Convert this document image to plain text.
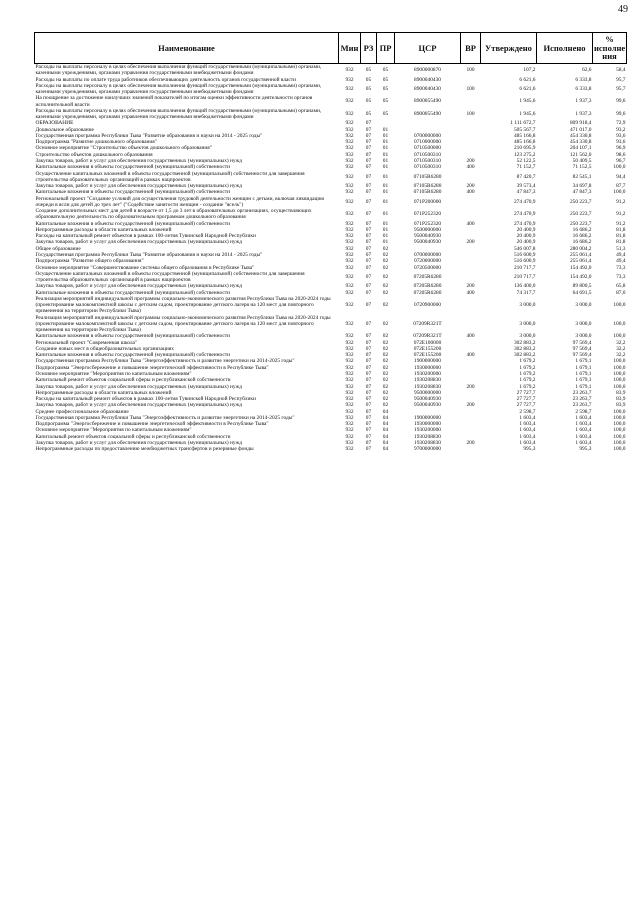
49
Наименование	Мин	РЗ	ПР	ЦСР	ВР	Утверждено	Исполнено	% исполне ния
Расходы на выплаты персоналу в целях обеспечения выполнения функций государственными (муниципальными) органами, казенными учреждениями, органами управления государственными внебюджетными фондами	932	05	05	8900000870	100	107,2	62,6	58,4
Расходы на выплаты по оплате труда работников обеспечивающих деятельность органов государственной власти	932	05	05	8900040430		6 621,6	6 333,8	95,7
Расходы на выплаты персоналу в целях обеспечения выполнения функций государственными (муниципальными) органами, казенными учреждениями, органами управления государственными внебюджетными фондами	932	05	05	8900040430	100	6 621,6	6 333,8	95,7
На поощрение за достижение наилучших значений показателей по итогам оценки эффективности деятельности органов исполнительной власти	932	05	05	8900055490		1 945,6	1 937,3	99,6
Расходы на выплаты персоналу в целях обеспечения выполнения функций государственными (муниципальными) органами, казенными учреждениями, органами управления государственными внебюджетными фондами	932	05	05	8900055490	100	1 945,6	1 937,3	99,6
ОБРАЗОВАНИЕ	932	07				1 111 672,7	809 918,4	72,9
Дошкольное образование	932	07	01			505 567,7	471 017,0	93,2
Государственная программа Республики Тыва "Развитие образования и науки на 2014 - 2025 годы"	932	07	01	0700000000		485 166,8	454 330,8	93,6
Подпрограмма "Развитие дошкольного образования"	932	07	01	0710000000		485 166,8	454 330,8	93,6
Основное мероприятие "Строительство объектов дошкольного образования"	932	07	01	0710500000		210 695,9	204 107,1	96,9
Строительство объектов дошкольного образования	932	07	01	0710500310		123 275,2	121 562,0	98,6
Закупка товаров, работ и услуг для обеспечения государственных (муниципальных) нужд	932	07	01	0710500310	200	52 122,5	50 409,5	96,7
Капитальные вложения в объекты государственной (муниципальной) собственности	932	07	01	0710500310	400	71 152,7	71 152,5	100,0
Осуществление капитальных вложений в объекты государственной (муниципальной) собственности для завершения строительства образовательных организаций в рамках нацпроектов	932	07	01	07105R6280		87 420,7	82 545,1	94,4
Закупка товаров, работ и услуг для обеспечения государственных (муниципальных) нужд	932	07	01	07105R6280	200	39 573,4	34 697,8	87,7
Капитальные вложения в объекты государственной (муниципальной) собственности	932	07	01	07105R6280	400	47 847,3	47 847,3	100,0
Региональный проект "Создание условий для осуществления трудовой деятельности женщин с детьми, включая ликвидацию очереди в ясли для детей до трех лет" ("Содействие занятости женщин - создание "ясель")	932	07	01	071P200000		274 470,9	250 223,7	91,2
Создание дополнительных мест для детей в возрасте от 1,5 до 3 лет в образовательных организациях, осуществляющих образовательную деятельность по образовательным программам дошкольного образования	932	07	01	071P252320		274 470,9	250 223,7	91,2
Капитальные вложения в объекты государственной (муниципальной) собственности	932	07	01	071P252320	400	274 470,9	250 223,7	91,2
Непрограммные расходы в области капитальных вложений	932	07	01	9500000000		20 400,9	16 686,2	81,8
Расходы на капитальный ремонт объектов в рамках 100-летия Тувинской Народной Республики	932	07	01	9500040930		20 400,9	16 686,2	81,8
Закупка товаров, работ и услуг для обеспечения государственных (муниципальных) нужд	932	07	01	9500040930	200	20 400,9	16 686,2	81,8
Общее образование	932	07	02			546 007,8	280 004,2	51,3
Государственная программа Республики Тыва "Развитие образования и науки на 2014 - 2025 годы"	932	07	02	0700000000		516 600,9	255 061,4	49,4
Подпрограмма "Развитие общего образования"	932	07	02	0720000000		516 600,9	255 061,4	49,4
Основное мероприятие "Совершенствование системы общего образования в Республике Тыва"	932	07	02	0720500000		210 717,7	154 492,0	73,3
Осуществление капитальных вложений в объекты государственной (муниципальной) собственности для завершения строительства образовательных организаций в рамках нацпроектов	932	07	02	07205R6280		210 717,7	154 492,0	73,3
Закупка товаров, работ и услуг для обеспечения государственных (муниципальных) нужд	932	07	02	07205R6280	200	136 400,0	89 800,5	65,8
Капитальные вложения в объекты государственной (муниципальной) собственности	932	07	02	07205R6280	400	74 317,7	64 691,5	87,0
Реализация мероприятий индивидуальной программы социально-экономического развития Республики Тыва на 2020-2024 годы (проектирование малокомплектной школы с детским садом, проектирование детского лагеря на 120 мест для повторного применения на территории Республики Тыва)	932	07	02	0720900000		3 000,0	3 000,0	100,0
Реализация мероприятий индивидуальной программы социально-экономического развития Республики Тыва на 2020-2024 годы (проектирование малокомплектной школы с детским садом, проектирование детского лагеря на 120 мест для повторного применения на территории Республики Тыва)	932	07	02	07209R321T		3 000,0	3 000,0	100,0
Капитальные вложения в объекты государственной (муниципальной) собственности	932	07	02	07209R321T	400	3 000,0	3 000,0	100,0
Региональный проект "Современная школа"	932	07	02	072E100000		302 883,2	97 569,4	32,2
Создание новых мест в общеобразовательных организациях	932	07	02	072E155200		302 883,2	97 569,4	32,2
Капитальные вложения в объекты государственной (муниципальной) собственности	932	07	02	072E155200	400	302 883,2	97 569,4	32,2
Государственная программа Республики Тыва "Энергоэффективность и развитие энергетики на 2014-2025 годы"	932	07	02	1900000000		1 679,2	1 679,1	100,0
Подпрограмма "Энергосбережение и повышение энергетической эффективности в Республике Тыва"	932	07	02	1930000000		1 679,2	1 679,1	100,0
Основное мероприятие "Мероприятия по капитальным вложениям"	932	07	02	1930200000		1 679,2	1 679,1	100,0
Капитальный ремонт объектов социальной сферы и республиканской собственности	932	07	02	1930208830		1 679,2	1 679,1	100,0
Закупка товаров, работ и услуг для обеспечения государственных (муниципальных) нужд	932	07	02	1930208830	200	1 679,2	1 679,1	100,0
Непрограммные расходы в области капитальных вложений	932	07	02	9500000000		27 727,7	23 263,7	83,9
Расходы на капитальный ремонт объектов в рамках 100-летия Тувинской Народной Республики	932	07	02	9500040930		27 727,7	23 263,7	83,9
Закупка товаров, работ и услуг для обеспечения государственных (муниципальных) нужд	932	07	02	9500040930	200	27 727,7	23 263,7	83,9
Среднее профессиональное образование	932	07	04			2 598,7	2 598,7	100,0
Государственная программа Республики Тыва "Энергоэффективность и развитие энергетики на 2014-2025 годы"	932	07	04	1900000000		1 603,4	1 603,4	100,0
Подпрограмма "Энергосбережение и повышение энергетической эффективности в Республике Тыва"	932	07	04	1930000000		1 603,4	1 603,4	100,0
Основное мероприятие "Мероприятия по капитальным вложениям"	932	07	04	1930200000		1 603,4	1 603,4	100,0
Капитальный ремонт объектов социальной сферы и республиканской собственности	932	07	04	1930208830		1 603,4	1 603,4	100,0
Закупка товаров, работ и услуг для обеспечения государственных (муниципальных) нужд	932	07	04	1930208830	200	1 603,4	1 603,4	100,0
Непрограммные расходы по предоставлению межбюджетных трансфертов и резервные фонды	932	07	04	9700000000		995,3	995,3	100,0
